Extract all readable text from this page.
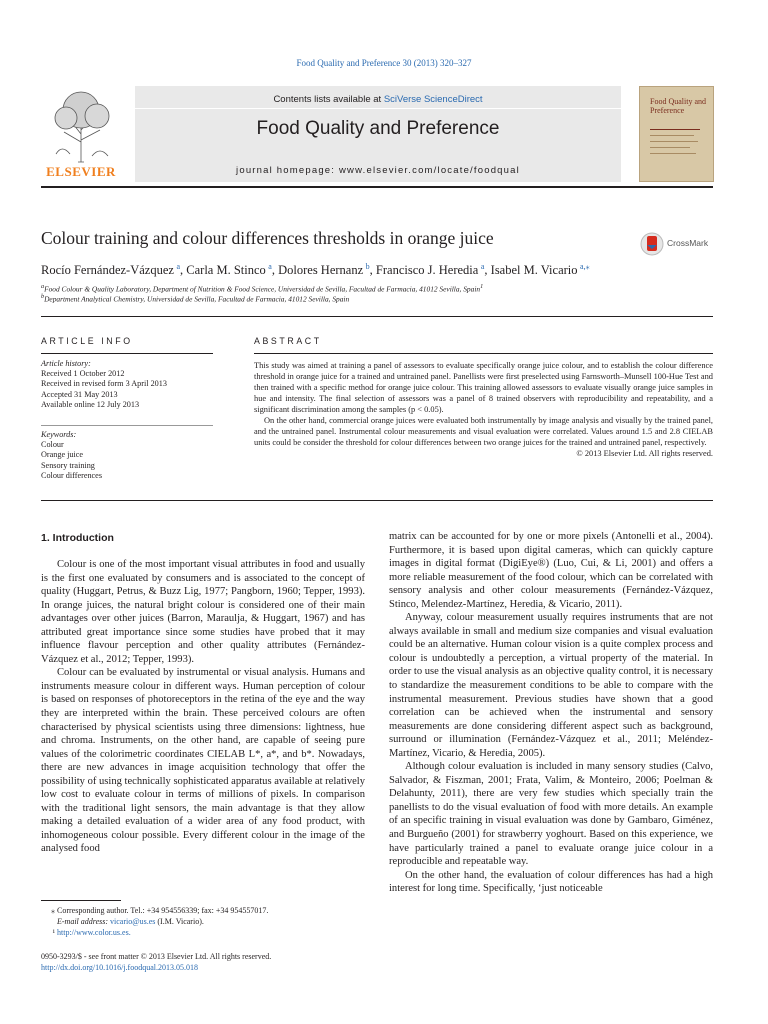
Food Quality and Preference 30 (2013) 320–327
ELSEVIER
Contents lists available at SciVerse ScienceDirect
Food Quality and Preference
journal homepage: www.elsevier.com/locate/foodqual
Food Quality and Preference
Colour training and colour differences thresholds in orange juice	CrossMark
Rocío Fernández-Vázquez  $^a$, Carla M. Stinco  $^a$, Dolores Hernanz  $^b$, Francisco J. Heredia  $^a$, Isabel M. Vicario  $^{a,⁎}$
$^a$Food Colour & Quality Laboratory, Department of Nutrition & Food Science, Universidad de Sevilla, Facultad de Farmacia, 41012 Sevilla, Spain$^1$
$^b$Department Analytical Chemistry, Universidad de Sevilla, Facultad de Farmacia, 41012 Sevilla, Spain
ARTICLE INFO
Article history:
Received 1 October 2012
Received in revised form 3 April 2013
Accepted 31 May 2013
Available online 12 July 2013
Keywords:
Colour
Orange juice
Sensory training
Colour differences
ABSTRACT

This study was aimed at training a panel of assessors to evaluate specifically orange juice colour, and to establish the colour difference threshold in orange juice for a trained and untrained panel. Panellists were first preselected using Farnsworth–Munsell 100-Hue Test and then trained with a specific method for orange juice colour. This training allowed assessors to evaluate visually orange juice samples in hue and intensity. The final selection of assessors was a panel of 8 trained observers with reproducibility and repeatability, and a significant discrimination among the samples (p < 0.05).

On the other hand, commercial orange juices were evaluated both instrumentally by image analysis and visually by the trained panel, and the untrained panel. Instrumental colour measurements and visual evaluation were correlated. Values around 1.5 and 2.8 CIELAB units could be consider the threshold for colour differences between two orange juices for the trained and untrained panel, respectively.

© 2013 Elsevier Ltd. All rights reserved.
1. Introduction

Colour is one of the most important visual attributes in food and usually is the first one evaluated by consumers and is associated to the concept of quality (Huggart, Petrus, & Buzz Lig, 1977; Pangborn, 1960; Tepper, 1993). In orange juices, the natural bright colour is considered one of their main advantages over other juices (Barron, Maraulja, & Huggart, 1967) and has attributed great importance since some studies have probed that it may influence flavour perception and other quality attributes (Fernández-Vázquez et al., 2012; Tepper, 1993).

Colour can be evaluated by instrumental or visual analysis. Humans and instruments measure colour in different ways. Human perception of colour is based on responses of photoreceptors in the retina of the eye and the way they are interpreted within the brain. These perceived colours are often characterised by physical scientists using three dimensions: lightness, hue and chroma. Instruments, on the other hand, are capable of seeing pure values of the colorimetric coordinates CIELAB L*, a*, and b*. Nowadays, there are new advances in image acquisition technology that offer the possibility of using technically sophisticated apparatus available at relatively low cost to evaluate colour in terms of millions of pixels. In comparison with the traditional light sensors, the main advantage is that they allow making a detailed evaluation of a wider area of any food product, with inhomogeneous colour possible. Every different colour in the image of the analysed food

matrix can be accounted for by one or more pixels (Antonelli et al., 2004). Furthermore, it is based upon digital cameras, which can quickly capture images in digital format (DigiEye®) (Luo, Cui, & Li, 2001) and offers a more reliable measurement of the food colour, which can be correlated with sensory analysis and other colour measurements (Fernández-Vázquez, Stinco, Melendez-Martínez, Heredia, & Vicario, 2011).

Anyway, colour measurement usually requires instruments that are not always available in small and medium size companies and visual evaluation could be an alternative. Human colour vision is a quite complex process and colour is undoubtedly a perception, a virtual property of the material. In order to use the visual analysis as an objective quality control, it is necessary to standardize the measurement conditions to be able to compare with the instrumental measurement. Previous studies have shown that a good correlation can be achieved when the instrumental and sensory measurements are done considering different aspect such as background, surround or illumination (Fernández-Vázquez et al., 2011; Meléndez-Martínez, Vicario, & Heredia, 2005).

Although colour evaluation is included in many sensory studies (Calvo, Salvador, & Fiszman, 2001; Frata, Valim, & Monteiro, 2006; Poelman & Delahunty, 2011), there are very few studies which specially train the panellists to do the visual evaluation of food with more details. An example of an specific training in visual evaluation was done by Gambaro, Giménez, and Burgueño (2001) for strawberry yoghourt. Based on this experience, we have particularly trained a panel to evaluate orange juice colour in a reproducible and repeatable way.

On the other hand, the evaluation of colour differences has had a high interest for long time. Specifically, ‘just noticeable

⁎ Corresponding author. Tel.: +34 954556339; fax: +34 954557017.
E-mail address: vicario@us.es (I.M. Vicario).
¹ http://www.color.us.es.
0950-3293/$ - see front matter © 2013 Elsevier Ltd. All rights reserved.
http://dx.doi.org/10.1016/j.foodqual.2013.05.018
